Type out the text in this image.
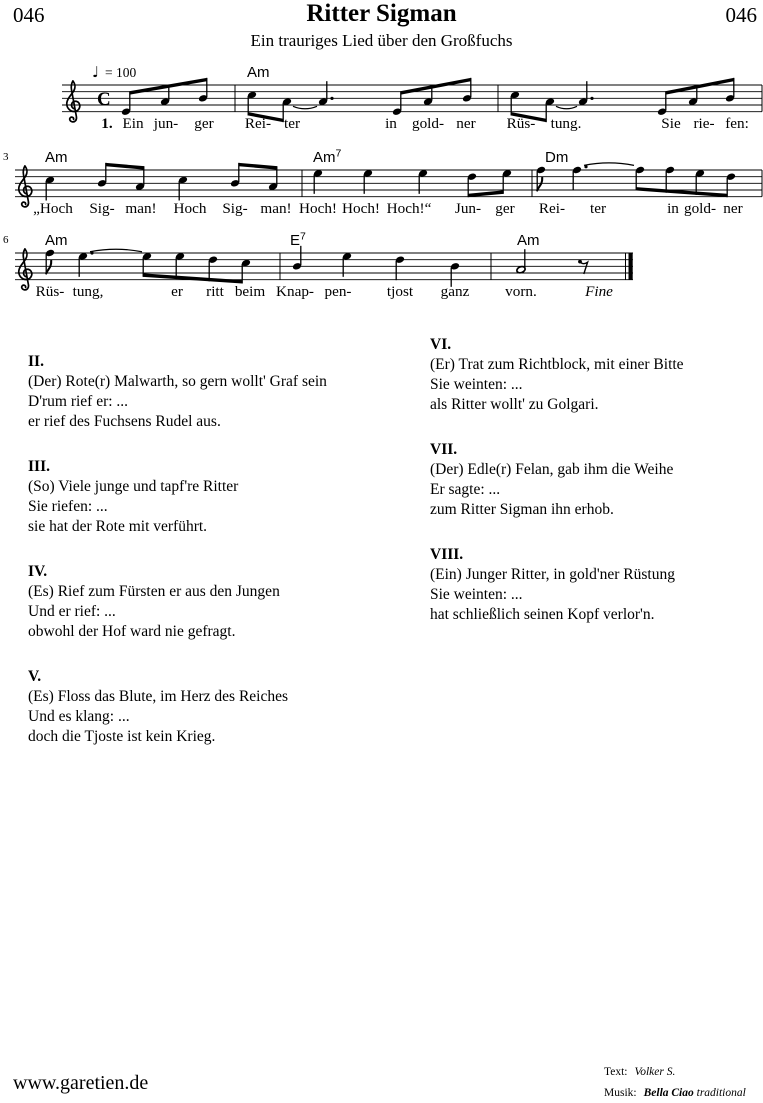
046	Ritter Sigman	046
Ein trauriges Lied über den Großfuchs
C
♩ = 100	Am
1. Ein jun- ger Rei- ter	in gold- ner Rüs- tung.	Sie rie- fen:
3 Am	Am$^7$	Dm
„Hoch Sig- man! Hoch Sig- man! Hoch! Hoch! Hoch!“ Jun- ger Rei- ter	in gold- ner
6 Am	$E^7$	Am
Rüs- tung,	er ritt beim Knap- pen- tjost ganz vorn.	Fine
II.
(Der) Rote(r) Malwarth, so gern wollt' Graf sein
D'rum rief er: ...
er rief des Fuchsens Rudel aus.
III.
(So) Viele junge und tapf're Ritter
Sie riefen: ...
sie hat der Rote mit verführt.
IV.
(Es) Rief zum Fürsten er aus den Jungen
Und er rief: ...
obwohl der Hof ward nie gefragt.
V.
(Es) Floss das Blute, im Herz des Reiches
Und es klang: ...
doch die Tjoste ist kein Krieg.
VI.
(Er) Trat zum Richtblock, mit einer Bitte
Sie weinten: ...
als Ritter wollt' zu Golgari.
VII.
(Der) Edle(r) Felan, gab ihm die Weihe
Er sagte: ...
zum Ritter Sigman ihn erhob.
VIII.
(Ein) Junger Ritter, in gold'ner Rüstung
Sie weinten: ...
hat schließlich seinen Kopf verlor'n.
www.garetien.de	Text: Volker S.
Musik: Bella Ciao traditional
